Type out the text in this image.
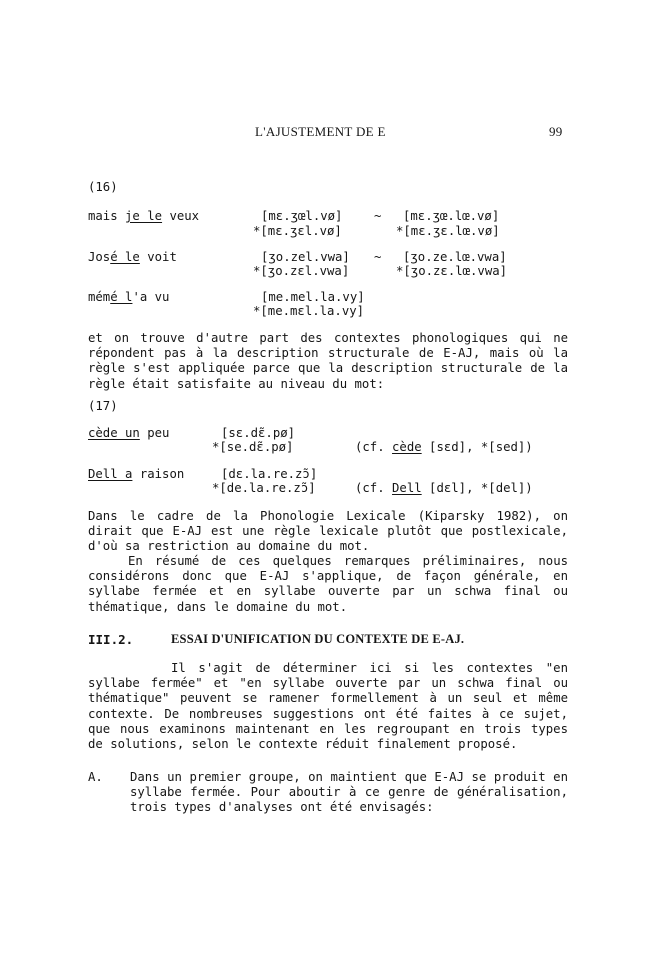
L'AJUSTEMENT DE E	99
(16)
mais je le veux	[mɛ.ʒœl.vø]	~ [mɛ.ʒœ.lœ.vø]
*[mɛ.ʒɛl.vø]	*[mɛ.ʒɛ.lœ.vø]
José le voit	[ʒo.zel.vwa] ~ [ʒo.ze.lœ.vwa]
*[ʒo.zɛl.vwa]	*[ʒo.zɛ.lœ.vwa]
mémé l'a vu	[me.mel.la.vy]
*[me.mɛl.la.vy]

et on trouve d'autre part des contextes phonologiques qui ne répondent pas à la description structurale de E-AJ, mais où la règle s'est appliquée parce que la description structurale de la règle était satisfaite au niveau du mot:

(17)
cède un peu	[sɛ.dɛ̃.pø]
*[se.dɛ̃.pø]	(cf. cède [sɛd], *[sed])
Dell a raison	[dɛ.la.re.zɔ̃]
*[de.la.re.zɔ̃]	(cf. Dell [dɛl], *[del])

Dans le cadre de la Phonologie Lexicale (Kiparsky 1982), on dirait que E-AJ est une règle lexicale plutôt que postlexicale, d'où sa restriction au domaine du mot.

En résumé de ces quelques remarques préliminaires, nous considérons donc que E-AJ s'applique, de façon générale, en syllabe fermée et en syllabe ouverte par un schwa final ou thématique, dans le domaine du mot.

III.2.	ESSAI D'UNIFICATION DU CONTEXTE DE E-AJ.

Il s'agit de déterminer ici si les contextes "en syllabe fermée" et "en syllabe ouverte par un schwa final ou thématique" peuvent se ramener formellement à un seul et même contexte. De nombreuses suggestions ont été faites à ce sujet, que nous examinons maintenant en les regroupant en trois types de solutions, selon le contexte réduit finalement proposé.

A. Dans un premier groupe, on maintient que E-AJ se produit en syllabe fermée. Pour aboutir à ce genre de généralisation, trois types d'analyses ont été envisagés:
